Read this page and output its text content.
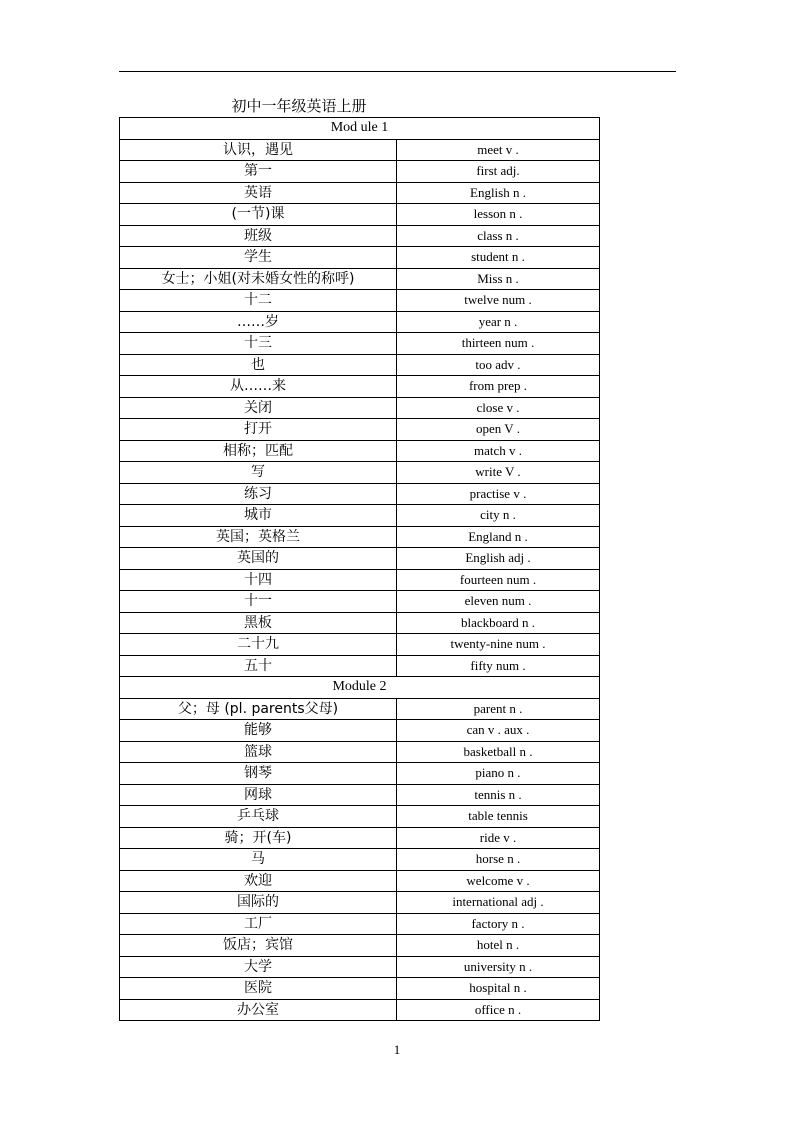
初中一年级英语上册
Mod ule 1	
认识，遇见	meet v .
第一	first adj.
英语	English n .
(一节)课	lesson n .
班级	class n .
学生	student n .
女士；小姐(对未婚女性的称呼)	Miss n .
十二	twelve num .
……岁	year n .
十三	thirteen num .
也	too adv .
从……来	from prep .
关闭	close v .
打开	open V .
相称；匹配	match v .
写	write V .
练习	practise v .
城市	city n .
英国；英格兰	England n .
英国的	English adj .
十四	fourteen num .
十一	eleven num .
黑板	blackboard n .
二十九	twenty-nine num .
五十	fifty num .
Module 2	
父；母 (pl. parents父母)	parent n .
能够	can v . aux .
篮球	basketball n .
钢琴	piano n .
网球	tennis n .
乒乓球	table tennis
骑；开(车)	ride v .
马	horse n .
欢迎	welcome v .
国际的	international adj .
工厂	factory n .
饭店；宾馆	hotel n .
大学	university n .
医院	hospital n .
办公室	office n .
1
